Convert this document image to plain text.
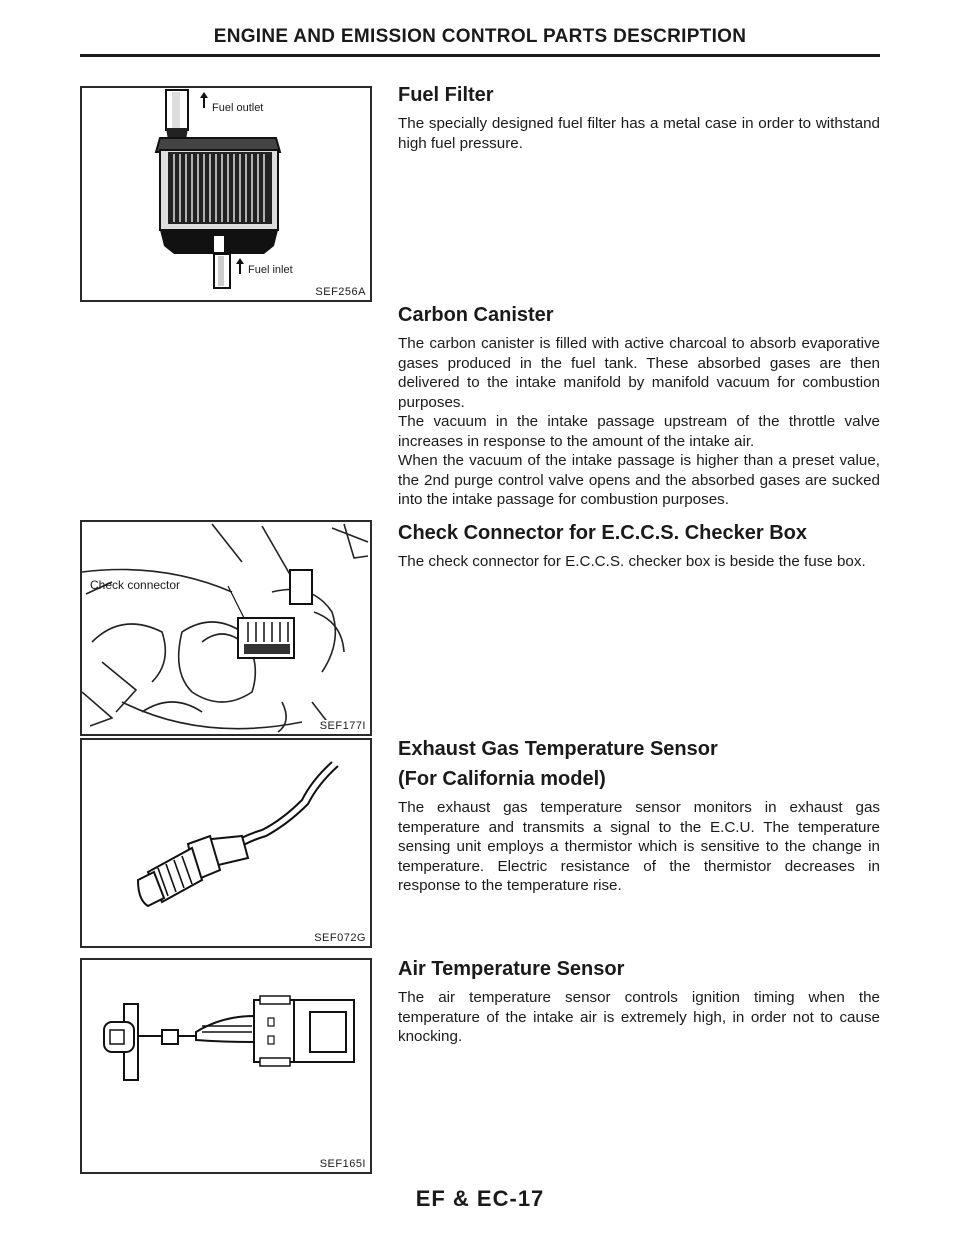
ENGINE AND EMISSION CONTROL PARTS DESCRIPTION
Fuel outlet
Fuel inlet
SEF256A
Check connector
SEF177I
SEF072G
SEF165I
Fuel Filter

The specially designed fuel filter has a metal case in order to withstand high fuel pressure.

Carbon Canister

The carbon canister is filled with active charcoal to absorb evaporative gases produced in the fuel tank. These absorbed gases are then delivered to the intake manifold by manifold vacuum for combustion purposes.

The vacuum in the intake passage upstream of the throttle valve increases in response to the amount of the intake air.

When the vacuum of the intake passage is higher than a preset value, the 2nd purge control valve opens and the absorbed gases are sucked into the intake passage for combustion purposes.

Check Connector for E.C.C.S. Checker Box

The check connector for E.C.C.S. checker box is beside the fuse box.

Exhaust Gas Temperature Sensor
(For California model)

The exhaust gas temperature sensor monitors in exhaust gas temperature and transmits a signal to the E.C.U. The temperature sensing unit employs a thermistor which is sensitive to the change in temperature. Electric resistance of the thermistor decreases in response to the temperature rise.

Air Temperature Sensor

The air temperature sensor controls ignition timing when the temperature of the intake air is extremely high, in order not to cause knocking.

EF & EC-17
